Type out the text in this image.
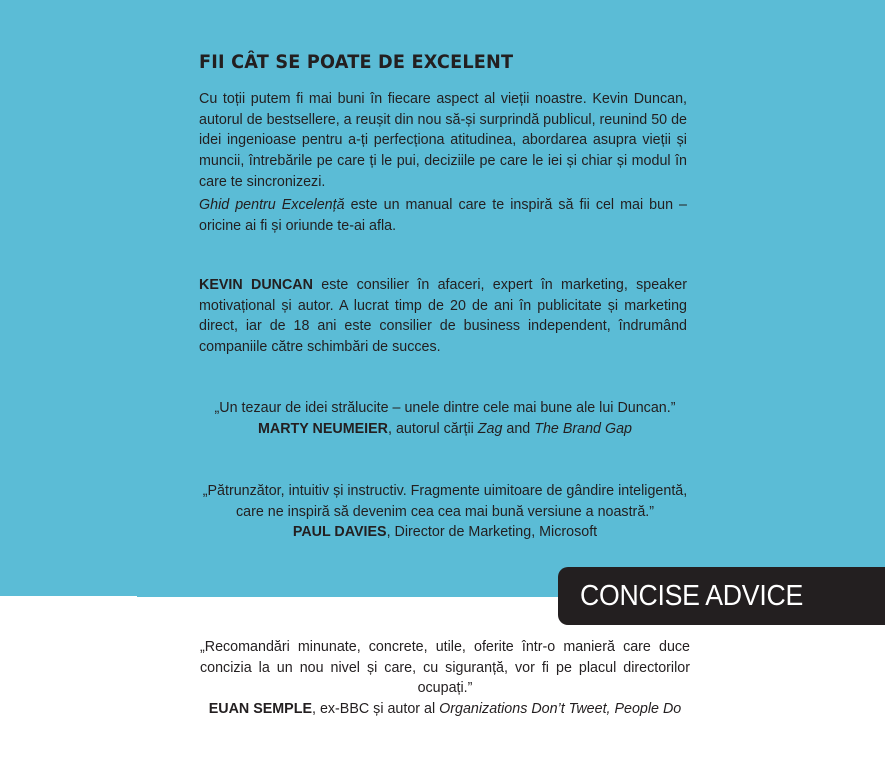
FII CÂT SE POATE DE EXCELENT

Cu toții putem fi mai buni în fiecare aspect al vieții noastre. Kevin Duncan, autorul de bestsellere, a reușit din nou să-și surprindă publicul, reunind 50 de idei ingenioase pentru a-ți perfecționa atitudinea, abordarea asupra vieții și muncii, întrebările pe care ți le pui, deciziile pe care le iei și chiar și modul în care te sincronizezi.

Ghid pentru Excelență este un manual care te inspiră să fii cel mai bun – oricine ai fi și oriunde te-ai afla.

KEVIN DUNCAN este consilier în afaceri, expert în marketing, speaker motivațional și autor. A lucrat timp de 20 de ani în publicitate și marketing direct, iar de 18 ani este consilier de business independent, îndrumând companiile către schimbări de succes.

„Un tezaur de idei strălucite – unele dintre cele mai bune ale lui Duncan.”
MARTY NEUMEIER, autorul cărții Zag and The Brand Gap
„Pătrunzător, intuitiv și instructiv. Fragmente uimitoare de gândire inteligentă, care ne inspiră să devenim cea cea mai bună versiune a noastră.”
PAUL DAVIES, Director de Marketing, Microsoft
CONCISE ADVICE
„Recomandări minunate, concrete, utile, oferite într-o manieră care duce concizia la un nou nivel și care, cu siguranță, vor fi pe placul directorilor ocupați.”
EUAN SEMPLE, ex-BBC și autor al Organizations Don’t Tweet, People Do
